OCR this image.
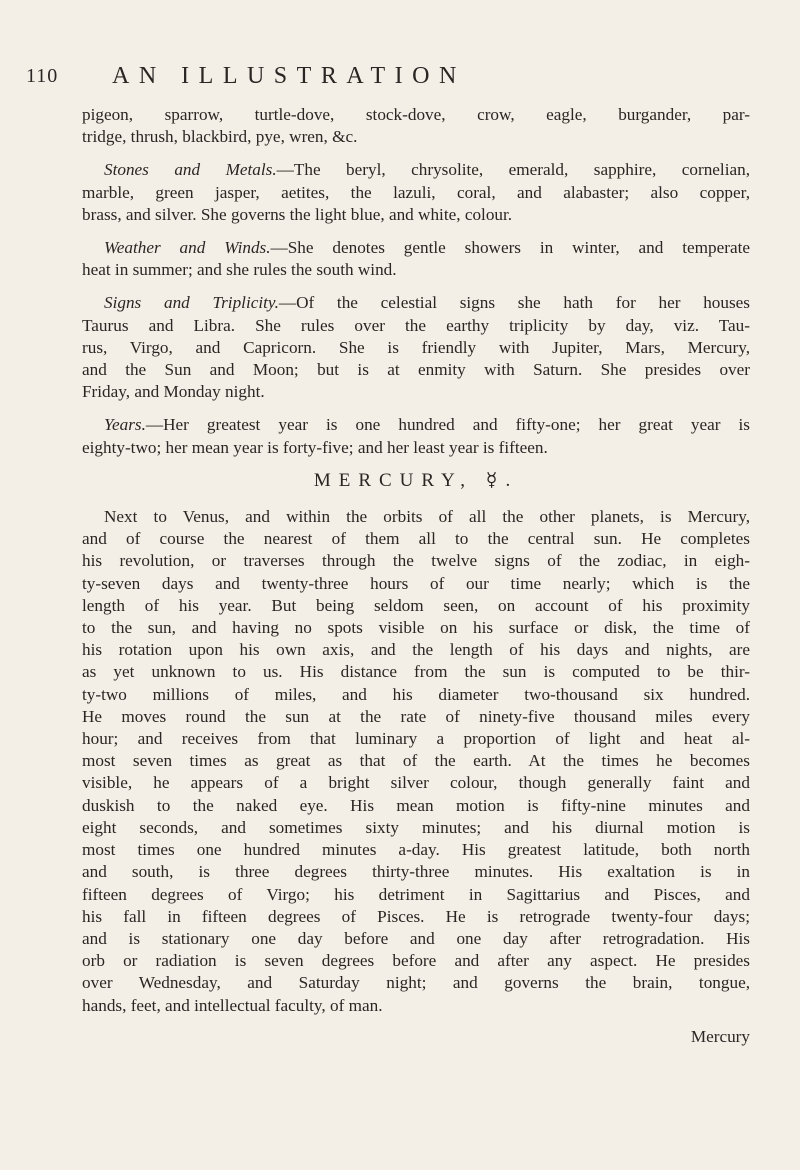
110 AN ILLUSTRATION

pigeon, sparrow, turtle-dove, stock-dove, crow, eagle, burgander, par-
tridge, thrush, blackbird, pye, wren, &c.

Stones and Metals.—The beryl, chrysolite, emerald, sapphire, cornelian,
marble, green jasper, aetites, the lazuli, coral, and alabaster; also copper,
brass, and silver. She governs the light blue, and white, colour.

Weather and Winds.—She denotes gentle showers in winter, and temperate
heat in summer; and she rules the south wind.

Signs and Triplicity.—Of the celestial signs she hath for her houses
Taurus and Libra. She rules over the earthy triplicity by day, viz. Tau-
rus, Virgo, and Capricorn. She is friendly with Jupiter, Mars, Mercury,
and the Sun and Moon; but is at enmity with Saturn. She presides over
Friday, and Monday night.

Years.—Her greatest year is one hundred and fifty-one; her great year is
eighty-two; her mean year is forty-five; and her least year is fifteen.

MERCURY, ☿.

Next to Venus, and within the orbits of all the other planets, is Mercury,
and of course the nearest of them all to the central sun. He completes
his revolution, or traverses through the twelve signs of the zodiac, in eigh-
ty-seven days and twenty-three hours of our time nearly; which is the
length of his year. But being seldom seen, on account of his proximity
to the sun, and having no spots visible on his surface or disk, the time of
his rotation upon his own axis, and the length of his days and nights, are
as yet unknown to us. His distance from the sun is computed to be thir-
ty-two millions of miles, and his diameter two-thousand six hundred.
He moves round the sun at the rate of ninety-five thousand miles every
hour; and receives from that luminary a proportion of light and heat al-
most seven times as great as that of the earth. At the times he becomes
visible, he appears of a bright silver colour, though generally faint and
duskish to the naked eye. His mean motion is fifty-nine minutes and
eight seconds, and sometimes sixty minutes; and his diurnal motion is
most times one hundred minutes a-day. His greatest latitude, both north
and south, is three degrees thirty-three minutes. His exaltation is in
fifteen degrees of Virgo; his detriment in Sagittarius and Pisces, and
his fall in fifteen degrees of Pisces. He is retrograde twenty-four days;
and is stationary one day before and one day after retrogradation. His
orb or radiation is seven degrees before and after any aspect. He presides
over Wednesday, and Saturday night; and governs the brain, tongue,
hands, feet, and intellectual faculty, of man.

Mercury
